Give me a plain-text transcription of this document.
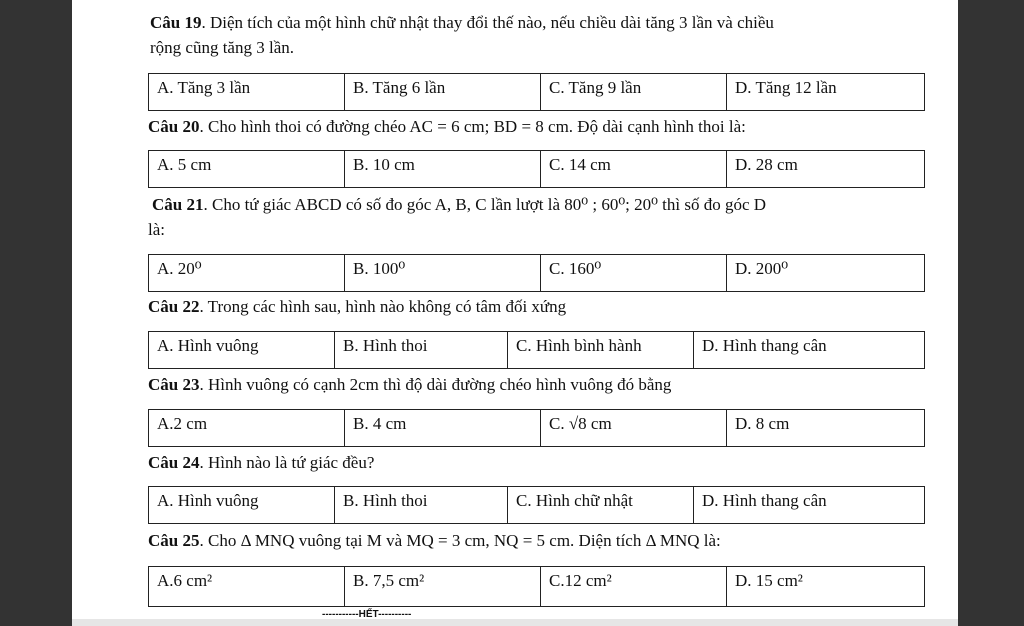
Câu 19. Diện tích của một hình chữ nhật thay đổi thế nào, nếu chiều dài tăng 3 lần và chiều
rộng cũng tăng 3 lần.
A. Tăng 3 lần	B. Tăng 6 lần	C. Tăng 9 lần	D. Tăng 12 lần
Câu 20. Cho hình thoi có đường chéo AC = 6 cm; BD = 8 cm. Độ dài cạnh hình thoi là:
A. 5 cm	B. 10 cm	C. 14 cm	D. 28 cm
Câu 21. Cho tứ giác ABCD có số đo góc A, B, C lần lượt là 80⁰ ; 60⁰; 20⁰ thì số đo góc D
là:
A. 20⁰	B. 100⁰	C. 160⁰	D. 200⁰
Câu 22. Trong các hình sau, hình nào không có tâm đối xứng
A. Hình vuông	B. Hình thoi	C. Hình bình hành	D. Hình thang cân
Câu 23. Hình vuông có cạnh 2cm thì độ dài đường chéo hình vuông đó bằng
A.2 cm	B. 4 cm	C. √8 cm	D. 8 cm
Câu 24. Hình nào là tứ giác đều?
A. Hình vuông	B. Hình thoi	C. Hình chữ nhật	D. Hình thang cân
Câu 25. Cho Δ MNQ vuông tại M và MQ = 3 cm, NQ = 5 cm. Diện tích Δ MNQ là:
A.6 cm²	B. 7,5 cm²	C.12 cm²	D. 15 cm²
-----------HẾT----------
